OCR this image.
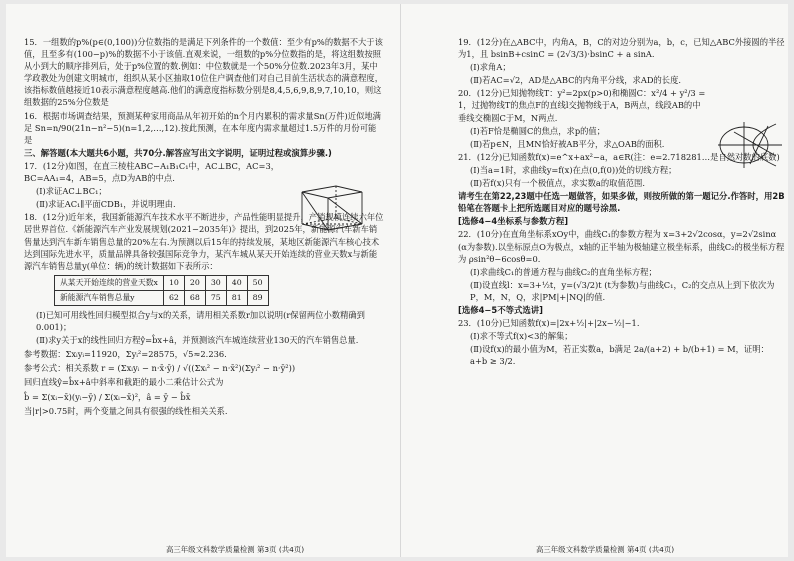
15．一组数的p%(p∈(0,100))分位数指的是满足下列条件的一个数值：至少有p%的数据不大于该值，且至多有(100−p)%的数据不小于该值.直观来说，一组数的p%分位数指的是，将这组数按照从小到大的顺序排列后，处于p%位置的数.例如：中位数就是一个50%分位数.2023年3月，某中学政教处为创建文明城市，组织从某小区抽取10位住户调查他们对自己目前生活状态的满意程度，该指标数值越接近10表示满意程度越高.他们的满意度指标数分别是8,4,5,6,9,8,9,7,10,10，则这组数据的25%分位数是
16．根据市场调查结果，预测某种家用商品从年初开始的n个月内累积的需求量Sn(万件)近似地满足 Sn=n/90(21n−n²−5)(n=1,2,…,12).按此预测，在本年度内需求量超过1.5万件的月份可能是
三、解答题(本大题共6小题，共70分.解答应写出文字说明，证明过程或演算步骤.)
17．(12分)如图，在直三棱柱ABC−A₁B₁C₁中，AC⊥BC，AC=3，BC=AA₁=4，AB=5，点D为AB的中点.
(Ⅰ)求证AC⊥BC₁；
(Ⅱ)求证AC₁∥平面CDB₁，并说明理由.
18．(12分)近年来，我国新能源汽车技术水平不断进步，产品性能明显提升，产销规模连续六年位居世界首位.《新能源汽车产业发展规划(2021−2035年)》提出，到2025年，新能源汽车新车销售量达到汽车新车销售总量的20%左右.为预测以后15年的持续发展，某地区新能源汽车核心技术达到国际先进水平，质量品牌具备较强国际竞争力，某汽车城从某天开始连续的营业天数x与新能源汽车销售总量y(单位：辆)的统计数据如下表所示：
从某天开始连续的营业天数x	10	20	30	40	50
新能源汽车销售总量y	62	68	75	81	89
(Ⅰ)已知可用线性回归模型拟合y与x的关系，请用相关系数r加以说明(r保留两位小数精确到0.001)；
(Ⅱ)求y关于x的线性回归方程ŷ=b̂x+â，并预测该汽车城连续营业130天的汽车销售总量.
参考数据：Σxᵢyᵢ=11920，Σyᵢ²=28575，√5≈2.236.
参考公式：相关系数 r = (Σxᵢyᵢ − n·x̄·ȳ) / √((Σxᵢ² − n·x̄²)(Σyᵢ² − n·ȳ²))
回归直线ŷ=b̂x+â中斜率和截距的最小二乘估计公式为
b̂ = Σ(xᵢ−x̄)(yᵢ−ȳ) / Σ(xᵢ−x̄)²，â = ȳ − b̂x̄
当|r|>0.75时，两个变量之间具有很强的线性相关关系.
19．(12分)在△ABC中，内角A，B，C的对边分别为a，b，c，已知△ABC外接圆的半径为1，且 bsinB+csinC = (2√3/3)·bsinC + a sinA.
(Ⅰ)求角A；
(Ⅱ)若AC=√2，AD是△ABC的内角平分线，求AD的长度.
20．(12分)已知抛物线T：y²=2px(p>0)和椭圆C：x²/4 + y²/3 = 1，过抛物线T的焦点F的直线l交抛物线于A，B两点，线段AB的中垂线交椭圆C于M，N两点.
(Ⅰ)若F恰是椭圆C的焦点，求p的值；
(Ⅱ)若p∈N，且MN恰好被AB平分，求△OAB的面积.
21．(12分)已知函数f(x)=e^x+ax²−a，a∈R(注：e=2.718281…是自然对数的底数)
(Ⅰ)当a=1时，求曲线y=f(x)在点(0,f(0))处的切线方程；
(Ⅱ)若f(x)只有一个极值点，求实数a的取值范围.
请考生在第22,23题中任选一题做答，如果多做，则按所做的第一题记分.作答时，用2B铅笔在答题卡上把所选题目对应的题号涂黑.
[选修4−4坐标系与参数方程]
22．(10分)在直角坐标系xOy中，曲线C₁的参数方程为 x=3+2√2cosα，y=2√2sinα (α为参数).以坐标原点O为极点，x轴的正半轴为极轴建立极坐标系，曲线C₂的极坐标方程为 ρsin²θ−6cosθ=0.
(Ⅰ)求曲线C₁的普通方程与曲线C₂的直角坐标方程；
(Ⅱ)设直线l：x=3+½t，y=(√3/2)t (t为参数)与曲线C₁，C₂的交点从上到下依次为P，M，N，Q，求|PM|+|NQ|的值.
[选修4−5不等式选讲]
23．(10分)已知函数f(x)=|2x+½|+|2x−½|−1.
(Ⅰ)求不等式f(x)<3的解集；
(Ⅱ)设f(x)的最小值为M，若正实数a，b满足 2a/(a+2) + b/(b+1) = M，证明：a+b ≥ 3/2.
高三年级文科数学质量检测 第3页 (共4页)	高三年级文科数学质量检测 第4页 (共4页)
